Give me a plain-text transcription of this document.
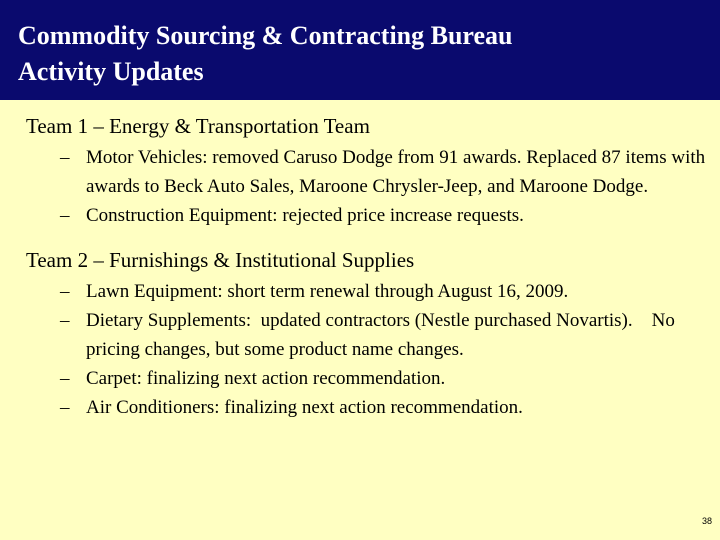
Commodity Sourcing & Contracting Bureau
Activity Updates

Team 1 – Energy & Transportation Team

– Motor Vehicles: removed Caruso Dodge from 91 awards. Replaced 87 items with awards to Beck Auto Sales, Maroone Chrysler-Jeep, and Maroone Dodge.
– Construction Equipment: rejected price increase requests.

Team 2 – Furnishings & Institutional Supplies

– Lawn Equipment: short term renewal through August 16, 2009.
– Dietary Supplements:  updated contractors (Nestle purchased Novartis).    No pricing changes, but some product name changes.
– Carpet: finalizing next action recommendation.
– Air Conditioners: finalizing next action recommendation.
38
